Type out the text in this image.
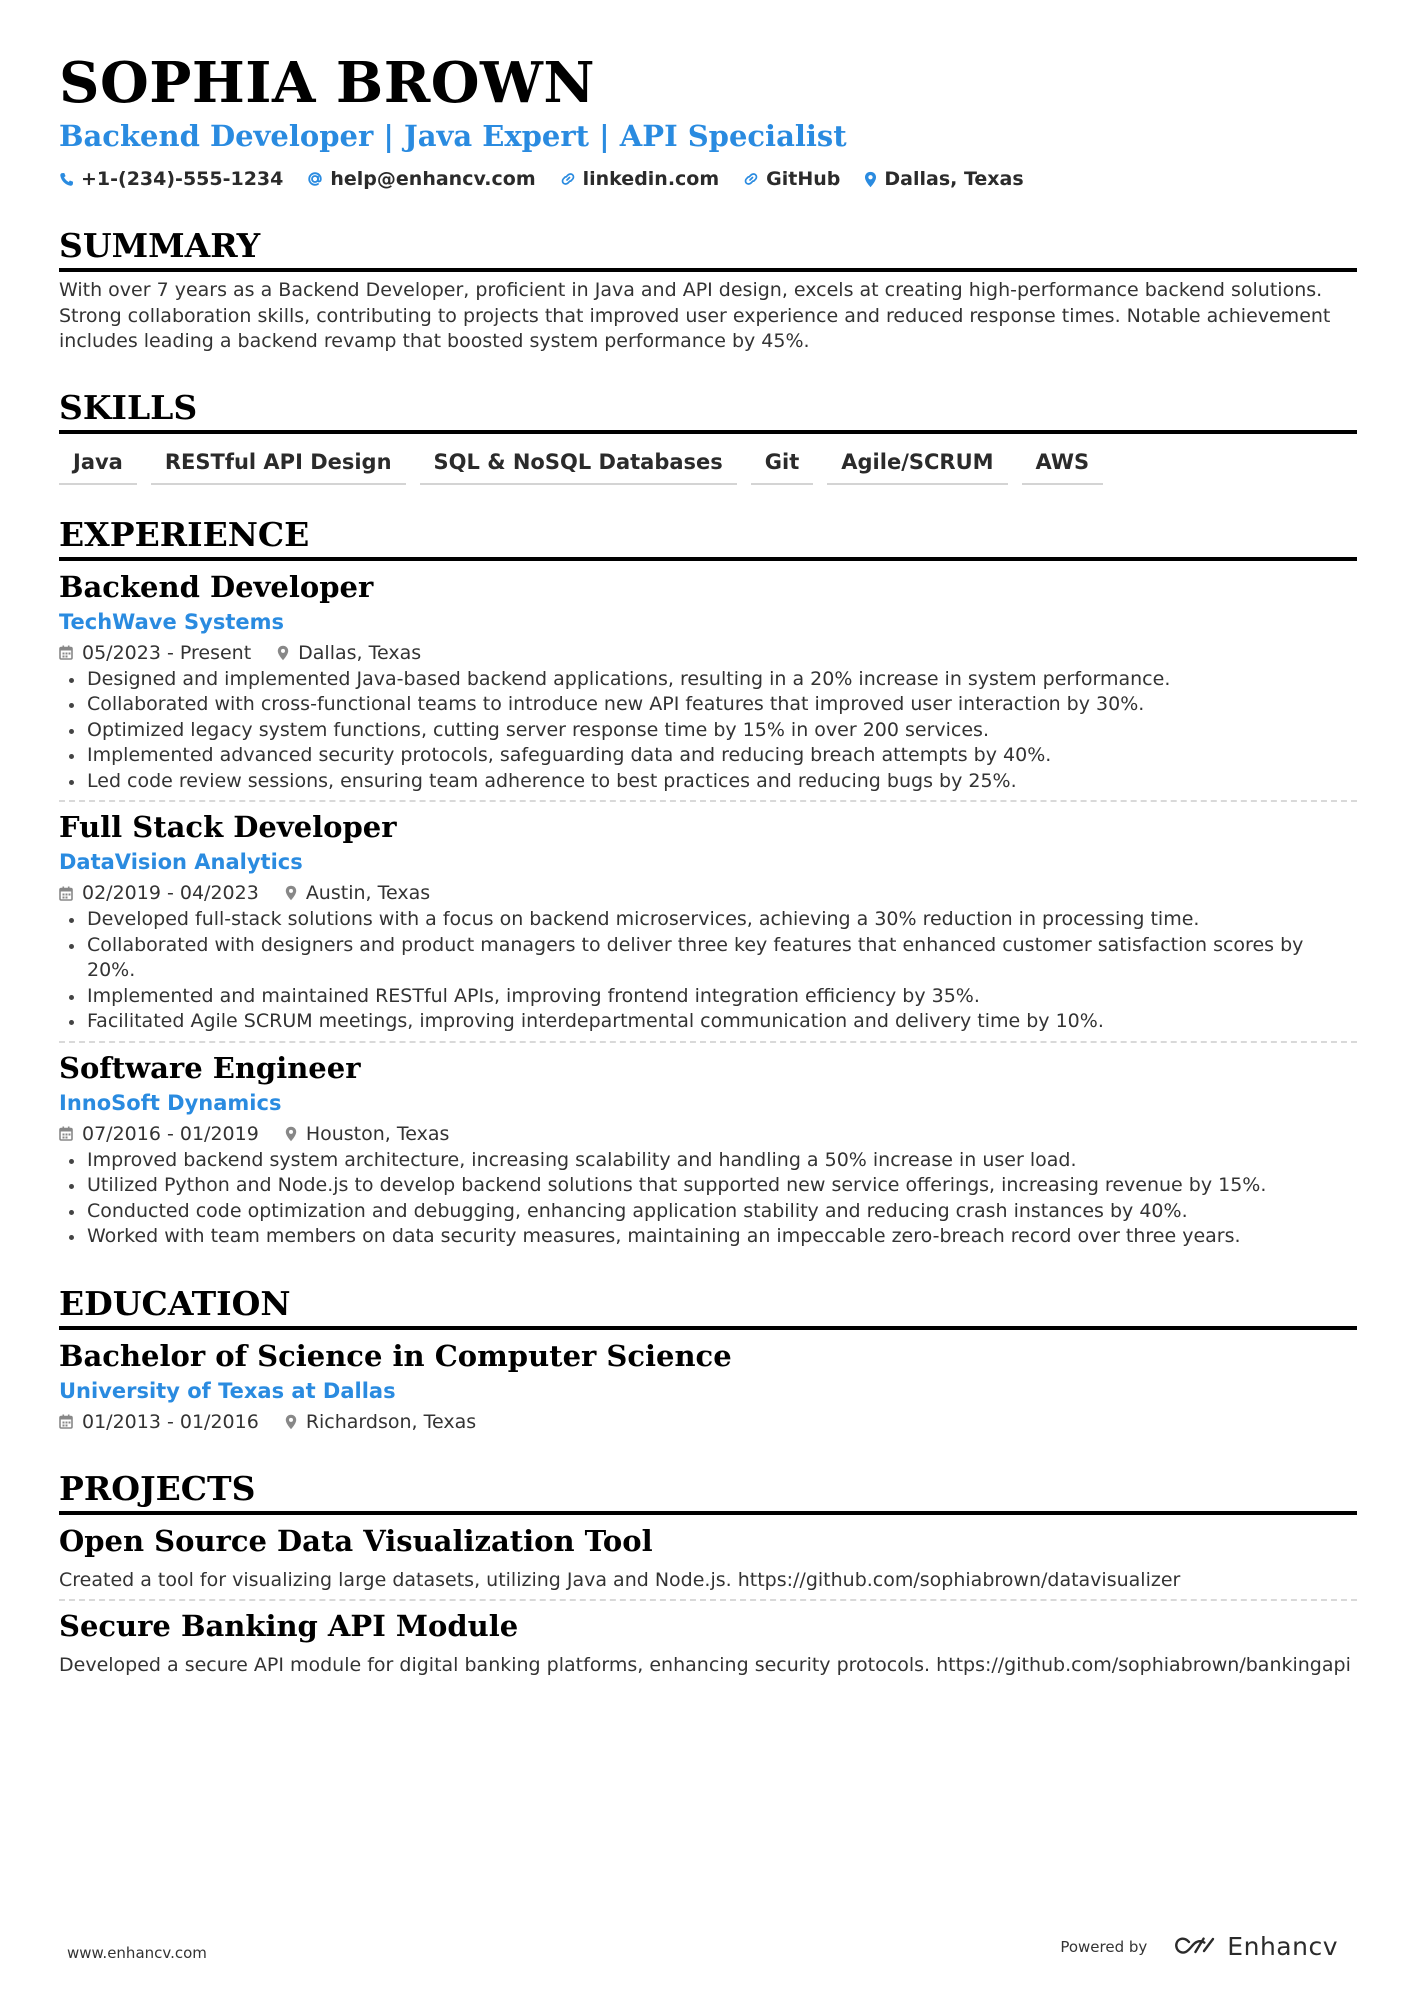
SOPHIA BROWN
Backend Developer | Java Expert | API Specialist
+1-(234)-555-1234 help@enhancv.com linkedin.com GitHub Dallas, Texas
SUMMARY
With over 7 years as a Backend Developer, proficient in Java and API design, excels at creating high-performance backend solutions. Strong collaboration skills, contributing to projects that improved user experience and reduced response times. Notable achievement includes leading a backend revamp that boosted system performance by 45%.
SKILLS
Java	RESTful API Design	SQL & NoSQL Databases	Git	Agile/SCRUM	AWS
EXPERIENCE
Backend Developer
TechWave Systems
05/2023 - Present Dallas, Texas
Designed and implemented Java-based backend applications, resulting in a 20% increase in system performance.
Collaborated with cross-functional teams to introduce new API features that improved user interaction by 30%.
Optimized legacy system functions, cutting server response time by 15% in over 200 services.
Implemented advanced security protocols, safeguarding data and reducing breach attempts by 40%.
Led code review sessions, ensuring team adherence to best practices and reducing bugs by 25%.
Full Stack Developer
DataVision Analytics
02/2019 - 04/2023 Austin, Texas
Developed full-stack solutions with a focus on backend microservices, achieving a 30% reduction in processing time.
Collaborated with designers and product managers to deliver three key features that enhanced customer satisfaction scores by 20%.
Implemented and maintained RESTful APIs, improving frontend integration efficiency by 35%.
Facilitated Agile SCRUM meetings, improving interdepartmental communication and delivery time by 10%.
Software Engineer
InnoSoft Dynamics
07/2016 - 01/2019 Houston, Texas
Improved backend system architecture, increasing scalability and handling a 50% increase in user load.
Utilized Python and Node.js to develop backend solutions that supported new service offerings, increasing revenue by 15%.
Conducted code optimization and debugging, enhancing application stability and reducing crash instances by 40%.
Worked with team members on data security measures, maintaining an impeccable zero-breach record over three years.
EDUCATION
Bachelor of Science in Computer Science
University of Texas at Dallas
01/2013 - 01/2016 Richardson, Texas
PROJECTS
Open Source Data Visualization Tool
Created a tool for visualizing large datasets, utilizing Java and Node.js. https://github.com/sophiabrown/datavisualizer
Secure Banking API Module
Developed a secure API module for digital banking platforms, enhancing security protocols. https://github.com/sophiabrown/bankingapi
www.enhancv.com	Powered by	Enhancv
